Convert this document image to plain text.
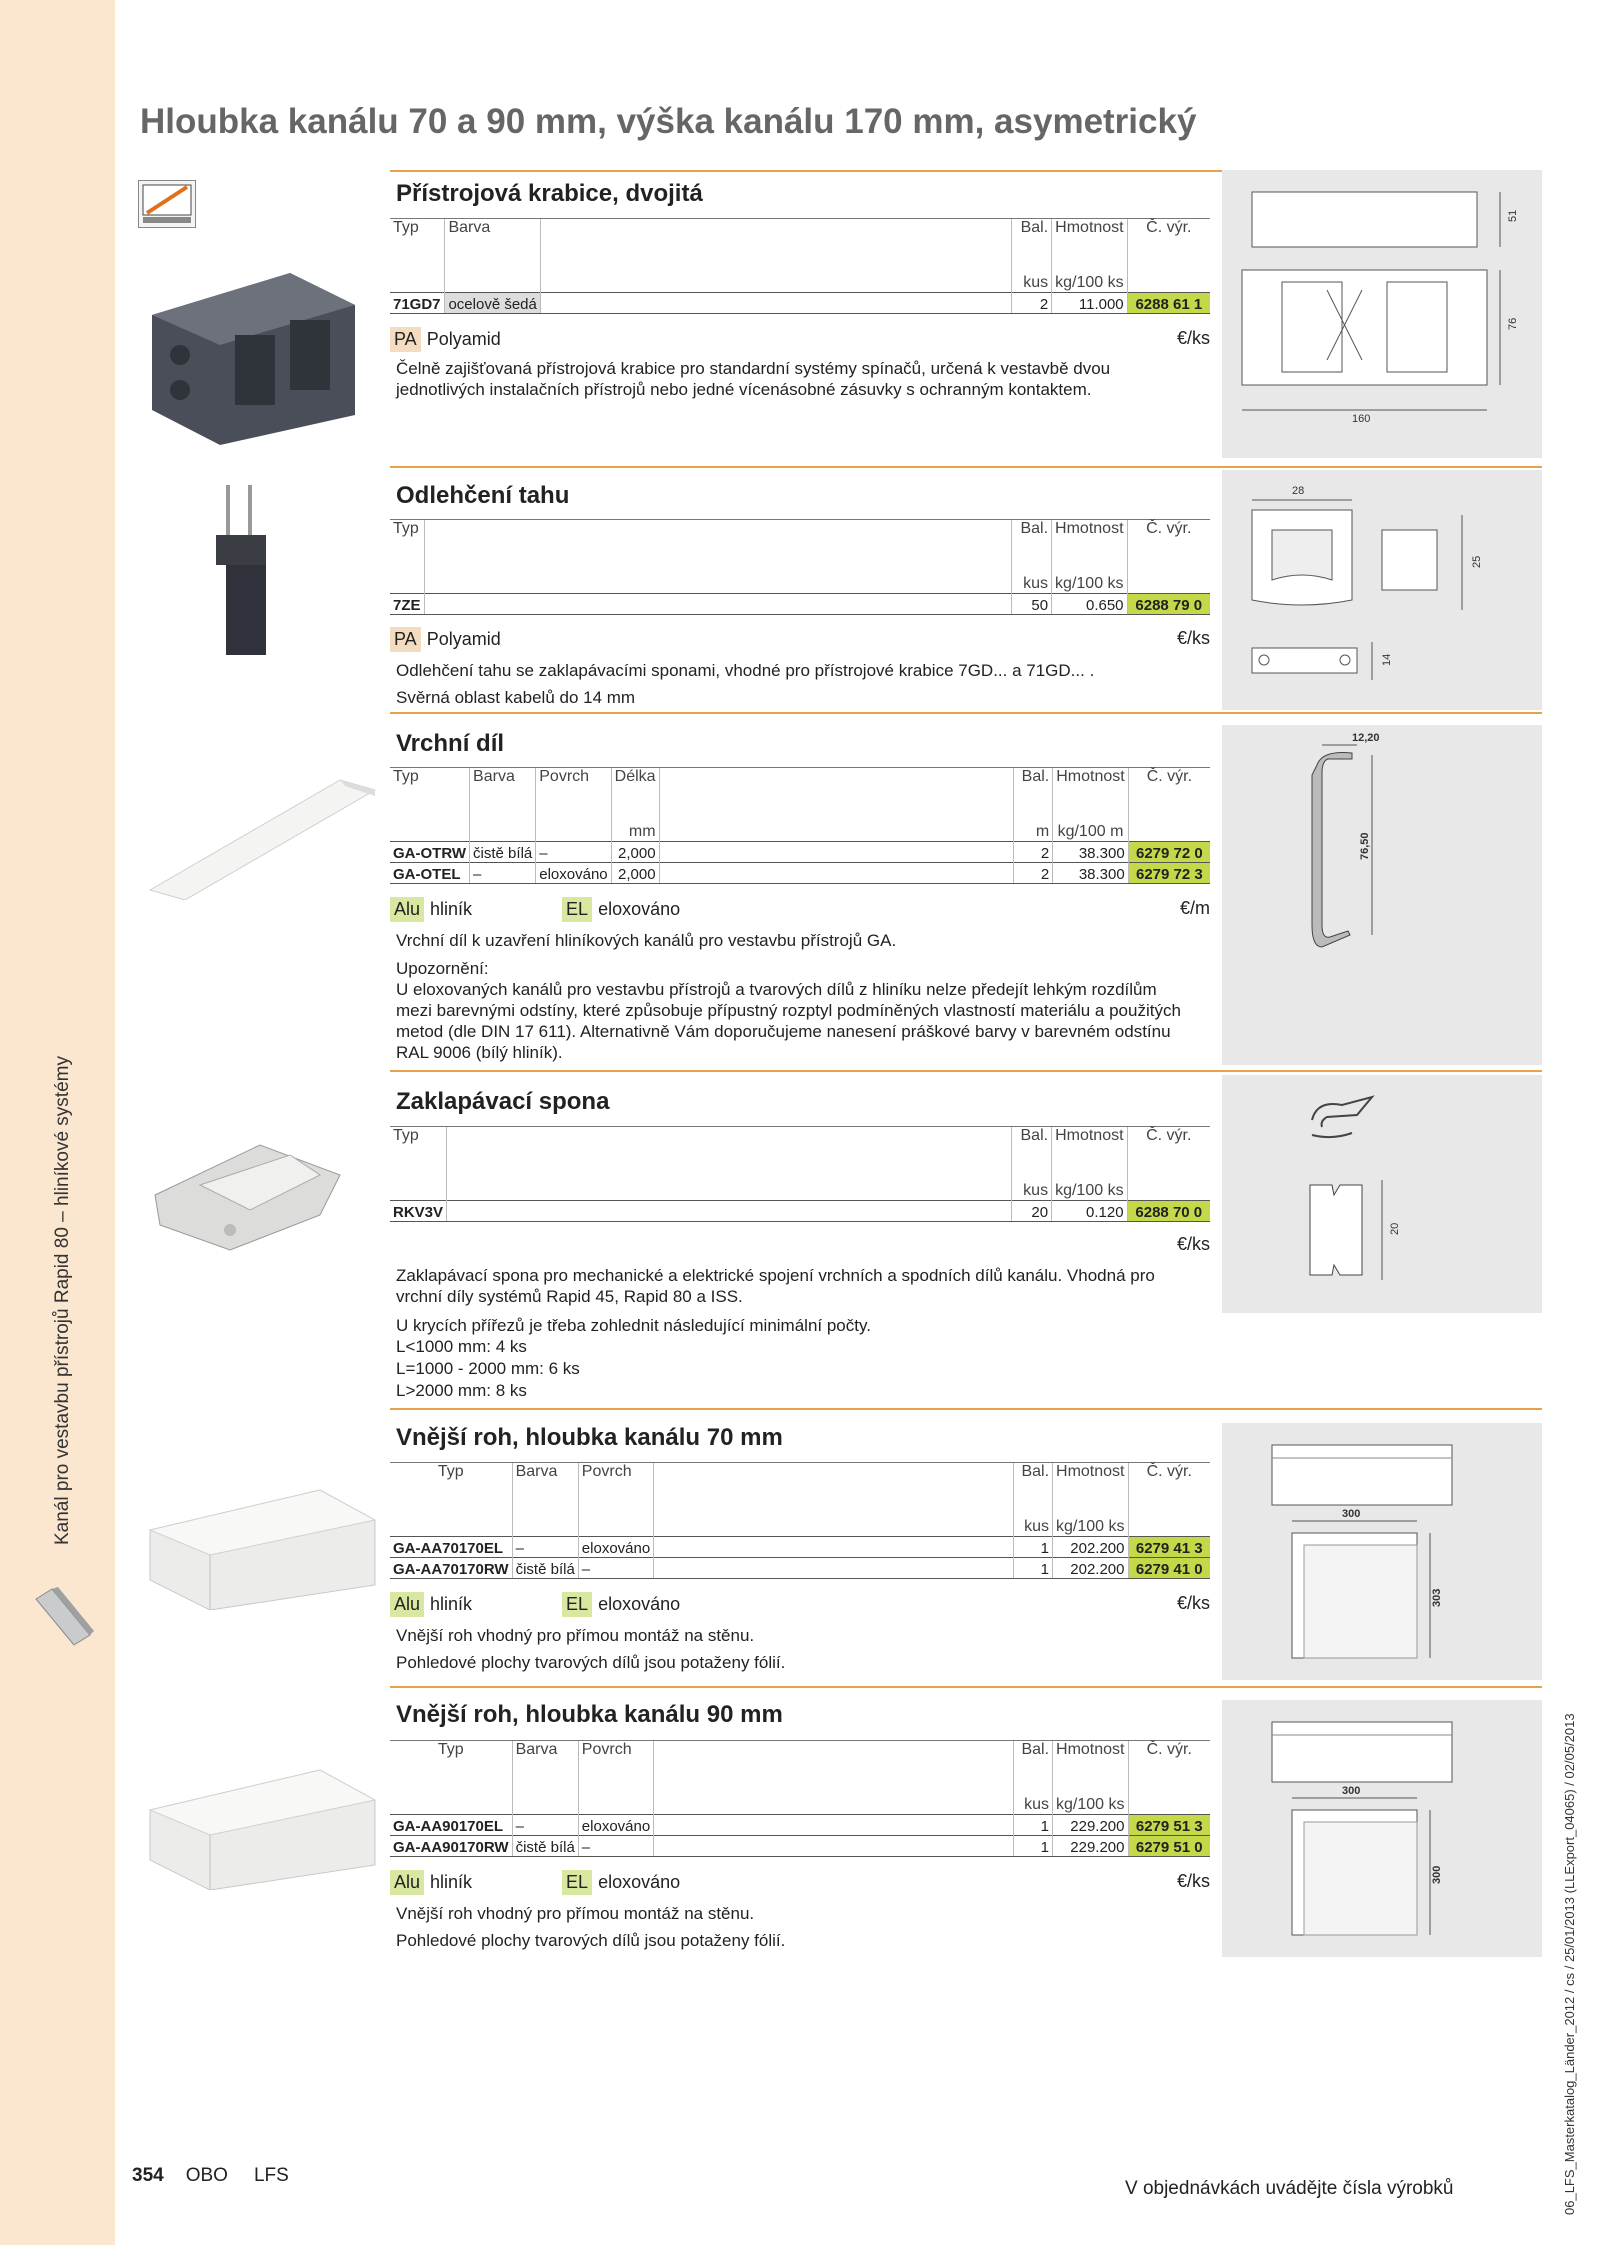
Kanál pro vestavbu přístrojů Rapid 80 – hliníkové systémy
06_LFS_Masterkatalog_Länder_2012 / cs / 25/01/2013 (LLExport_04065) / 02/05/2013
Hloubka kanálu 70 a 90 mm, výška kanálu 170 mm, asymetrický
Přístrojová krabice, dvojitá
Typ	Barva		Bal.	Hmotnost	Č. výr.

			kus	kg/100 ks	
71GD7	ocelově šedá		2	11.000	6288 61 1
PA Polyamid	€/ks
Čelně zajišťovaná přístrojová krabice pro standardní systémy spínačů, určená k vestavbě dvou jednotlivých instalačních přístrojů nebo jedné vícenásobné zásuvky s ochranným kontaktem.
160
51
76
Odlehčení tahu
Typ		Bal.	Hmotnost	Č. výr.

		kus	kg/100 ks	
7ZE		50	0.650	6288 79 0
PA Polyamid	€/ks
Odlehčení tahu se zaklapávacími sponami, vhodné pro přístrojové krabice 7GD... a 71GD... .
Svěrná oblast kabelů do 14 mm
28
25
14
Vrchní díl
Typ	Barva	Povrch	Délka		Bal.	Hmotnost	Č. výr.

			mm		m	kg/100 m	
GA-OTRW	čistě bílá	–	2,000		2	38.300	6279 72 0
GA-OTEL	–	eloxováno	2,000		2	38.300	6279 72 3
Alu hliník	EL eloxováno	€/m
Vrchní díl k uzavření hliníkových kanálů pro vestavbu přístrojů GA.
Upozornění:
U eloxovaných kanálů pro vestavbu přístrojů a tvarových dílů z hliníku nelze předejít lehkým rozdílům mezi barevnými odstíny, které způsobuje přípustný rozptyl podmíněných vlastností materiálu a použitých metod (dle DIN 17 611). Alternativně Vám doporučujeme nanesení práškové barvy v barevném odstínu RAL 9006 (bílý hliník).
12,20
76,50
Zaklapávací spona
Typ		Bal.	Hmotnost	Č. výr.

		kus	kg/100 ks	
RKV3V		20	0.120	6288 70 0
€/ks
Zaklapávací spona pro mechanické a elektrické spojení vrchních a spodních dílů kanálu. Vhodná pro vrchní díly systémů Rapid 45, Rapid 80 a ISS.
U krycích přířezů je třeba zohlednit následující minimální počty.
L<1000 mm: 4 ks
L=1000 - 2000 mm: 6 ks
L>2000 mm: 8 ks
20
Vnější roh, hloubka kanálu 70 mm
Typ	Barva	Povrch		Bal.	Hmotnost	Č. výr.

				kus	kg/100 ks	
GA-AA70170EL	–	eloxováno		1	202.200	6279 41 3
GA-AA70170RW	čistě bílá	–		1	202.200	6279 41 0
Alu hliník	EL eloxováno	€/ks
Vnější roh vhodný pro přímou montáž na stěnu.
Pohledové plochy tvarových dílů jsou potaženy fólií.
300
303
Vnější roh, hloubka kanálu 90 mm
Typ	Barva	Povrch		Bal.	Hmotnost	Č. výr.

				kus	kg/100 ks	
GA-AA90170EL	–	eloxováno		1	229.200	6279 51 3
GA-AA90170RW	čistě bílá	–		1	229.200	6279 51 0
Alu hliník	EL eloxováno	€/ks
Vnější roh vhodný pro přímou montáž na stěnu.
Pohledové plochy tvarových dílů jsou potaženy fólií.
300
300
354 OBO LFS
V objednávkách uvádějte čísla výrobků
